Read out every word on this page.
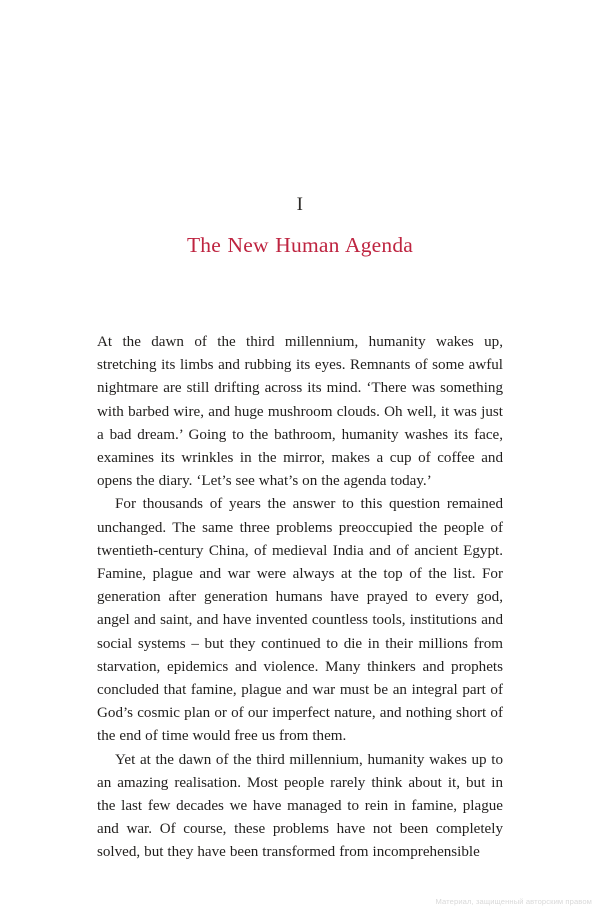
I
The New Human Agenda

At the dawn of the third millennium, humanity wakes up, stretching its limbs and rubbing its eyes. Remnants of some awful nightmare are still drifting across its mind. ‘There was something with barbed wire, and huge mushroom clouds. Oh well, it was just a bad dream.’ Going to the bathroom, humanity washes its face, examines its wrinkles in the mirror, makes a cup of coffee and opens the diary. ‘Let’s see what’s on the agenda today.’

For thousands of years the answer to this question remained unchanged. The same three problems preoccupied the people of twentieth-century China, of medieval India and of ancient Egypt. Famine, plague and war were always at the top of the list. For generation after generation humans have prayed to every god, angel and saint, and have invented countless tools, institutions and social systems – but they continued to die in their millions from starvation, epidemics and violence. Many thinkers and prophets concluded that famine, plague and war must be an integral part of God’s cosmic plan or of our imperfect nature, and nothing short of the end of time would free us from them.

Yet at the dawn of the third millennium, humanity wakes up to an amazing realisation. Most people rarely think about it, but in the last few decades we have managed to rein in famine, plague and war. Of course, these problems have not been completely solved, but they have been transformed from incomprehensible

Материал, защищенный авторским правом
